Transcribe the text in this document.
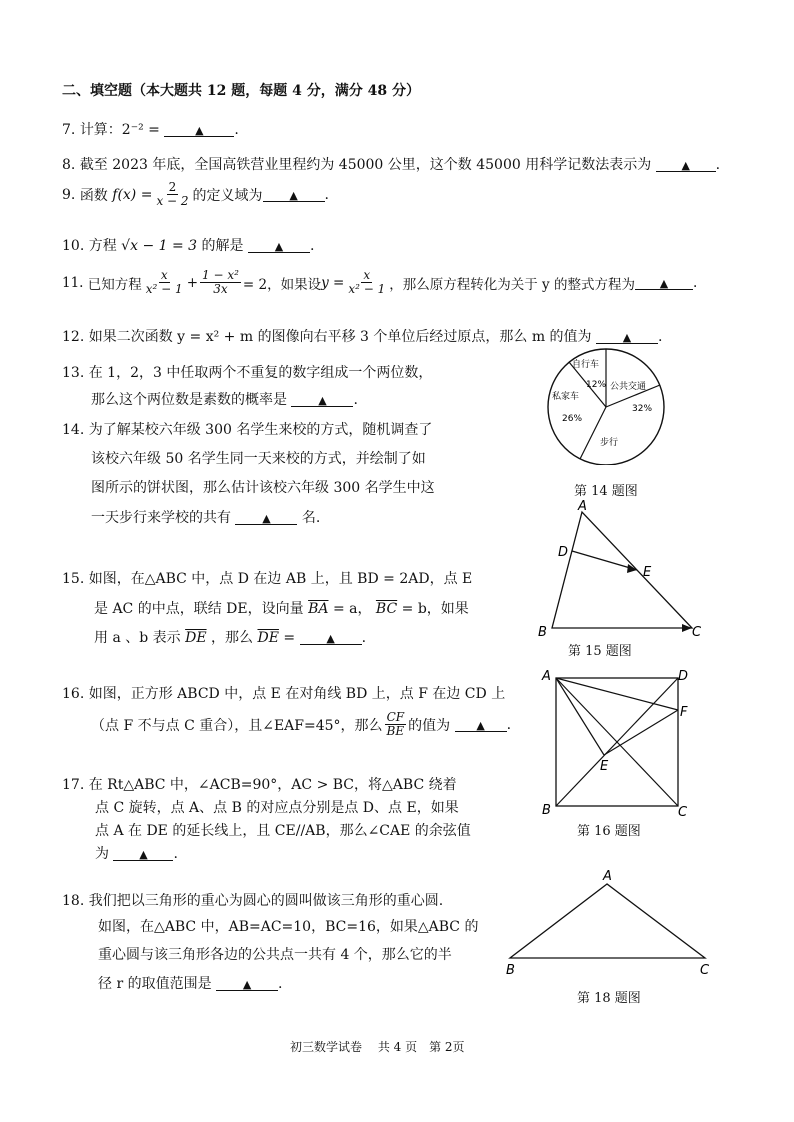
二、填空题（本大题共 12 题，每题 4 分，满分 48 分）
7. 计算：2⁻² =	▲ .
8. 截至 2023 年底，全国高铁营业里程约为 45000 公里，这个数 45000 用科学记数法表示为	▲ .
9.
函数
$f(x) = \frac{2}{x - 2}$ 的定义域为	▲	.
10. 方程 √x − 1 = 3 的解是	▲ .
11.
已知方程 $\frac{x}{\text{x² − 1}} + \frac{\text{1 − x²}}{3x} = 2$，如果设 $y = \frac{x}{\text{x² − 1}}$ ，那么原方程转化为关于 y 的整式方程为	▲	.
12. 如果二次函数 y = x² + m 的图像向右平移 3 个单位后经过原点，那么 m 的值为	▲ .
13. 在 1，2，3 中任取两个不重复的数字组成一个两位数，
那么这个两位数是素数的概率是	▲ .
14. 为了解某校六年级 300 名学生来校的方式，随机调查了
该校六年级 50 名学生同一天来校的方式，并绘制了如
图所示的饼状图，那么估计该校六年级 300 名学生中这
一天步行来学校的共有	▲ 名.
自行车
12% 公共交通
32%
步行
私家车
26%
第 14 题图
15. 如图，在△ABC 中，点 D 在边 AB 上，且 BD = 2AD，点 E
是 AC 的中点，联结 DE，设向量 $\overline{BA} = a$， $\overline{BC} = b$，如果
用 a 、b 表示 $\overline{DE}$ ，那么 $\overline{DE}$ =	▲ .
A
D
E
B	C
第 15 题图
16. 如图，正方形 ABCD 中，点 E 在对角线 BD 上，点 F 在边 CD 上
（点 F 不与点 C 重合），且∠EAF=45°，那么 $\frac{CF}{BE}$ 的值为
	▲	.
A	D
F
E
B	C
第 16 题图
17. 在 Rt△ABC 中，∠ACB=90°，AC > BC，将△ABC 绕着
点 C 旋转，点 A、点 B 的对应点分别是点 D、点 E，如果
点 A 在 DE 的延长线上，且 CE//AB，那么∠CAE 的余弦值
为	▲ .
18. 我们把以三角形的重心为圆心的圆叫做该三角形的重心圆.
如图，在△ABC 中，AB=AC=10，BC=16，如果△ABC 的
重心圆与该三角形各边的公共点一共有 4 个，那么它的半
径 r 的取值范围是	▲ .
A
B	C
第 18 题图
初三数学试卷　 共 4 页　第 2页
